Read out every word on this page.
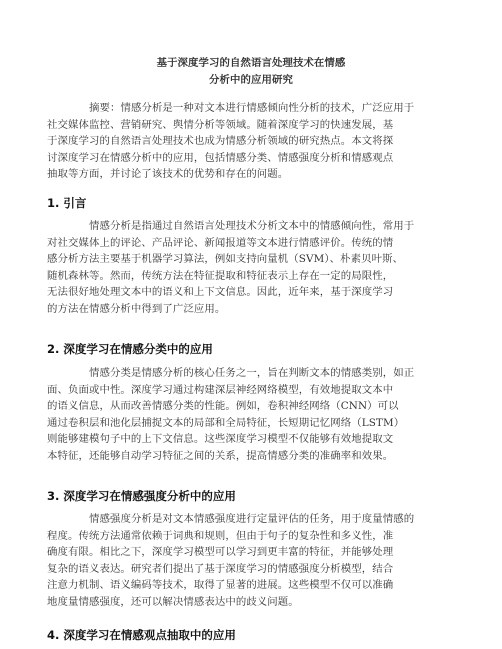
基于深度学习的自然语言处理技术在情感
分析中的应用研究
摘要：情感分析是一种对文本进行情感倾向性分析的技术，广泛应用于
社交媒体监控、营销研究、舆情分析等领域。随着深度学习的快速发展，基
于深度学习的自然语言处理技术也成为情感分析领域的研究热点。本文将探
讨深度学习在情感分析中的应用，包括情感分类、情感强度分析和情感观点
抽取等方面，并讨论了该技术的优势和存在的问题。
1. 引言
情感分析是指通过自然语言处理技术分析文本中的情感倾向性，常用于
对社交媒体上的评论、产品评论、新闻报道等文本进行情感评价。传统的情
感分析方法主要基于机器学习算法，例如支持向量机（SVM）、朴素贝叶斯、
随机森林等。然而，传统方法在特征提取和特征表示上存在一定的局限性，
无法很好地处理文本中的语义和上下文信息。因此，近年来，基于深度学习
的方法在情感分析中得到了广泛应用。
2. 深度学习在情感分类中的应用
情感分类是情感分析的核心任务之一，旨在判断文本的情感类别，如正
面、负面或中性。深度学习通过构建深层神经网络模型，有效地提取文本中
的语义信息，从而改善情感分类的性能。例如，卷积神经网络（CNN）可以
通过卷积层和池化层捕捉文本的局部和全局特征，长短期记忆网络（LSTM）
则能够建模句子中的上下文信息。这些深度学习模型不仅能够有效地提取文
本特征，还能够自动学习特征之间的关系，提高情感分类的准确率和效果。
3. 深度学习在情感强度分析中的应用
情感强度分析是对文本情感强度进行定量评估的任务，用于度量情感的
程度。传统方法通常依赖于词典和规则，但由于句子的复杂性和多义性，准
确度有限。相比之下，深度学习模型可以学习到更丰富的特征，并能够处理
复杂的语义表达。研究者们提出了基于深度学习的情感强度分析模型，结合
注意力机制、语义编码等技术，取得了显著的进展。这些模型不仅可以准确
地度量情感强度，还可以解决情感表达中的歧义问题。
4. 深度学习在情感观点抽取中的应用
